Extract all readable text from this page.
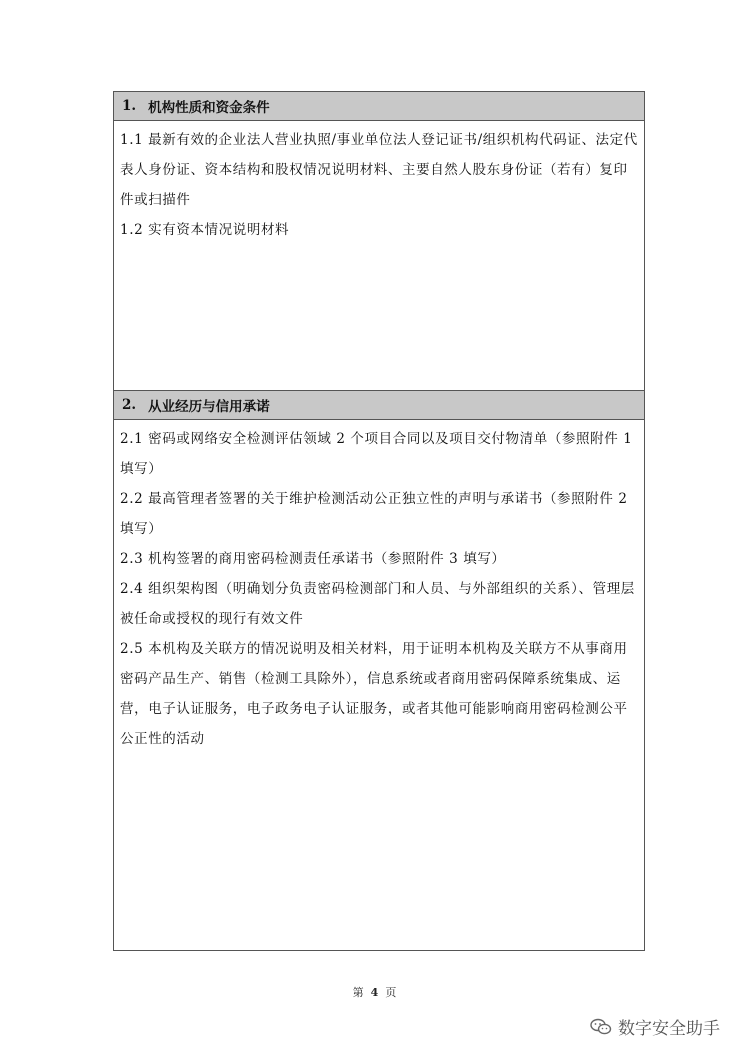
1. 机构性质和资金条件

1.1 最新有效的企业法人营业执照/事业单位法人登记证书/组织机构代码证、法定代表人身份证、资本结构和股权情况说明材料、主要自然人股东身份证（若有）复印件或扫描件

1.2 实有资本情况说明材料

2. 从业经历与信用承诺

2.1 密码或网络安全检测评估领域 2 个项目合同以及项目交付物清单（参照附件 1 填写）

2.2 最高管理者签署的关于维护检测活动公正独立性的声明与承诺书（参照附件 2 填写）

2.3 机构签署的商用密码检测责任承诺书（参照附件 3 填写）

2.4 组织架构图（明确划分负责密码检测部门和人员、与外部组织的关系）、管理层被任命或授权的现行有效文件

2.5 本机构及关联方的情况说明及相关材料，用于证明本机构及关联方不从事商用密码产品生产、销售（检测工具除外），信息系统或者商用密码保障系统集成、运营，电子认证服务，电子政务电子认证服务，或者其他可能影响商用密码检测公平公正性的活动

第 4 页
数字安全助手
